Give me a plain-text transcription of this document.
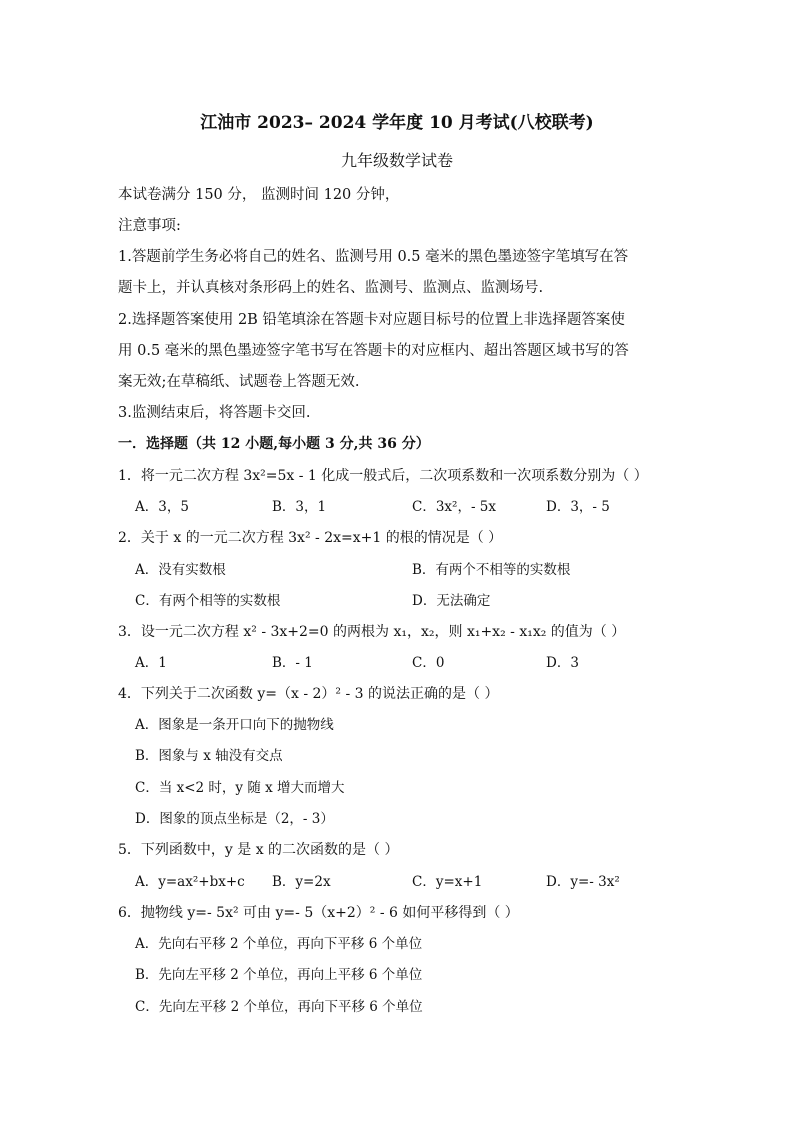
江油市 2023– 2024 学年度 10 月考试(八校联考)
九年级数学试卷
本试卷满分 150 分， 监测时间 120 分钟，
注意事项:
1.答题前学生务必将自己的姓名、监测号用 0.5 毫米的黑色墨迹签字笔填写在答
题卡上，并认真核对条形码上的姓名、监测号、监测点、监测场号.
2.选择题答案使用 2B 铅笔填涂在答题卡对应题目标号的位置上非选择题答案使
用 0.5 毫米的黑色墨迹签字笔书写在答题卡的对应框内、超出答题区域书写的答
案无效;在草稿纸、试题卷上答题无效.
3.监测结束后，将答题卡交回.
一．选择题（共 12 小题,每小题 3 分,共 36 分）
1．将一元二次方程 3x²=5x - 1 化成一般式后，二次项系数和一次项系数分别为（ ）
A．3，5	B．3，1	C．3x²，- 5x	D．3，- 5
2．关于 x 的一元二次方程 3x² - 2x=x+1 的根的情况是（ ）
A．没有实数根	B．有两个不相等的实数根
C．有两个相等的实数根	D．无法确定
3．设一元二次方程 x² - 3x+2=0 的两根为 x₁，x₂，则 x₁+x₂ - x₁x₂ 的值为（ ）
A．1	B．- 1	C．0	D．3
4．下列关于二次函数 y=（x - 2）² - 3 的说法正确的是（ ）
A．图象是一条开口向下的抛物线
B．图象与 x 轴没有交点
C．当 x<2 时，y 随 x 增大而增大
D．图象的顶点坐标是（2，- 3）
5．下列函数中，y 是 x 的二次函数的是（ ）
A．y=ax²+bx+c B．y=2x	C．y=x+1	D．y=- 3x²
6．抛物线 y=- 5x² 可由 y=- 5（x+2）² - 6 如何平移得到（ ）
A．先向右平移 2 个单位，再向下平移 6 个单位
B．先向左平移 2 个单位，再向上平移 6 个单位
C．先向左平移 2 个单位，再向下平移 6 个单位
